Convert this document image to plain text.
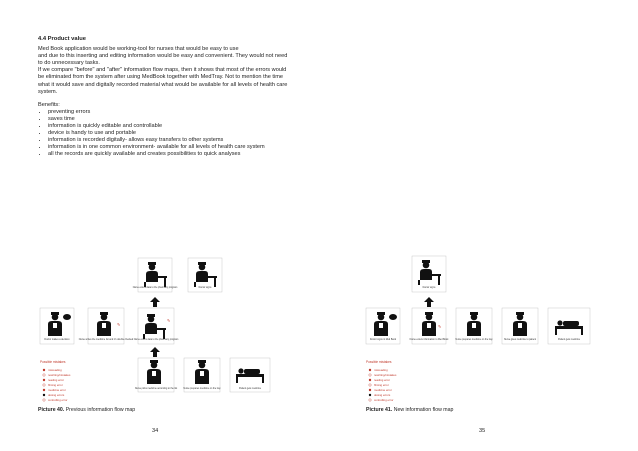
4.4 Product value

Med Book application would be working-tool for nurses that would be easy to use
and due to this inserting and editing information would be easy and convenient. They would not need
to do unnecessary tasks.
If we compare "before" and "after" information flow maps, then it shows that most of the errors would
be eliminated from the system after using MedBook together with MedTray. Not to mention the time
what it would save and digitally recorded material what would be available for all levels of health care
system.

Benefits:
• preventing errors
• saves time
• information is quickly editable and controllable
• device is handy to use and portable
• information is recorded digitally- allows easy transfers to other systems
• information is in one common environment- available for all levels of health care system
• all the records are quickly available and creates possibilities to quick analyses
Nurse enters data to the pharmacy program	Doctor signs
Doctor makes a decision	Nurse writes the medicine list and it's double checked
✎
Nurse enters data to the pharmacy program
✎
Nurse picks medicine according to the list	Nurse prepares medicine on the tray	Patient gets medicine
Possible mistakes
misreading
rewriting/mistakes
reading error
filming error
medicine error
dosing errors
controlling error
Picture 40. Previous information flow map
34
Doctor signs
Doctor signs in Med Book	Nurse enters information to Med Book
✎
Nurse prepares medicine on the tray	Nurse gives medicine to patient	Patient gets medicine
Possible mistakes
misreading
rewriting/mistakes
reading error
filming error
medicine error
dosing errors
controlling error
Picture 41. New information flow map
35
